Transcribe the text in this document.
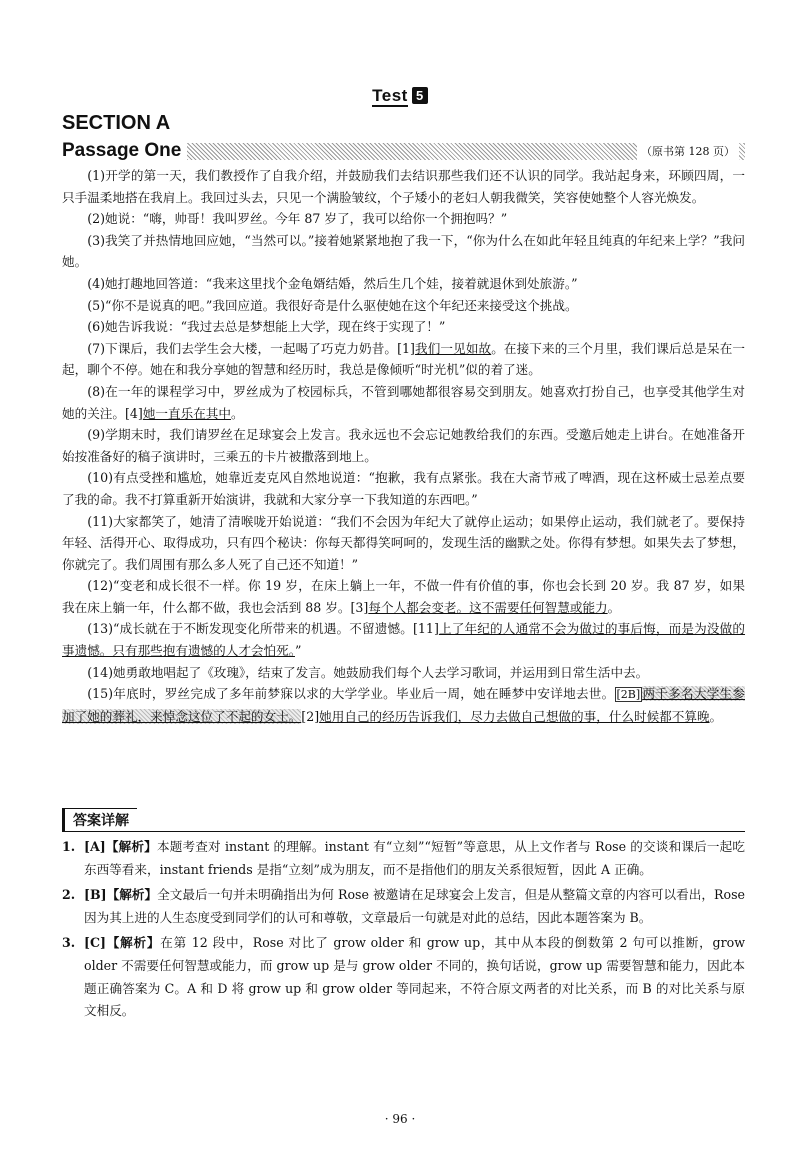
Test 5
SECTION A
Passage One	（原书第 128 页）

(1)开学的第一天，我们教授作了自我介绍，并鼓励我们去结识那些我们还不认识的同学。我站起身来，环顾四周，一只手温柔地搭在我肩上。我回过头去，只见一个满脸皱纹，个子矮小的老妇人朝我微笑，笑容使她整个人容光焕发。

(2)她说：“嗨，帅哥！我叫罗丝。今年 87 岁了，我可以给你一个拥抱吗？”

(3)我笑了并热情地回应她，“当然可以。”接着她紧紧地抱了我一下，“你为什么在如此年轻且纯真的年纪来上学？”我问她。

(4)她打趣地回答道：“我来这里找个金龟婿结婚，然后生几个娃，接着就退休到处旅游。”

(5)“你不是说真的吧。”我回应道。我很好奇是什么驱使她在这个年纪还来接受这个挑战。

(6)她告诉我说：“我过去总是梦想能上大学，现在终于实现了！”

(7)下课后，我们去学生会大楼，一起喝了巧克力奶昔。[1]我们一见如故。在接下来的三个月里，我们课后总是呆在一起，聊个不停。她在和我分享她的智慧和经历时，我总是像倾听“时光机”似的着了迷。

(8)在一年的课程学习中，罗丝成为了校园标兵，不管到哪她都很容易交到朋友。她喜欢打扮自己，也享受其他学生对她的关注。[4]她一直乐在其中。

(9)学期末时，我们请罗丝在足球宴会上发言。我永远也不会忘记她教给我们的东西。受邀后她走上讲台。在她准备开始按准备好的稿子演讲时，三乘五的卡片被撒落到地上。

(10)有点受挫和尴尬，她靠近麦克风自然地说道：“抱歉，我有点紧张。我在大斋节戒了啤酒，现在这杯威士忌差点要了我的命。我不打算重新开始演讲，我就和大家分享一下我知道的东西吧。”

(11)大家都笑了，她清了清喉咙开始说道：“我们不会因为年纪大了就停止运动；如果停止运动，我们就老了。要保持年轻、活得开心、取得成功，只有四个秘诀：你每天都得笑呵呵的，发现生活的幽默之处。你得有梦想。如果失去了梦想，你就完了。我们周围有那么多人死了自己还不知道！”

(12)“变老和成长很不一样。你 19 岁，在床上躺上一年，不做一件有价值的事，你也会长到 20 岁。我 87 岁，如果我在床上躺一年，什么都不做，我也会活到 88 岁。[3]每个人都会变老。这不需要任何智慧或能力。

(13)“成长就在于不断发现变化所带来的机遇。不留遗憾。[11]上了年纪的人通常不会为做过的事后悔，而是为没做的事遗憾。只有那些抱有遗憾的人才会怕死。”

(14)她勇敢地唱起了《玫瑰》，结束了发言。她鼓励我们每个人去学习歌词，并运用到日常生活中去。

(15)年底时，罗丝完成了多年前梦寐以求的大学学业。毕业后一周，她在睡梦中安详地去世。 [2B] 两千多名大学生参加了她的葬礼，来悼念这位了不起的女士。[2]她用自己的经历告诉我们，尽力去做自己想做的事，什么时候都不算晚。

答案详解
1. [A]【解析】本题考查对 instant 的理解。instant 有“立刻”“短暂”等意思，从上文作者与 Rose 的交谈和课后一起吃东西等看来，instant friends 是指“立刻”成为朋友，而不是指他们的朋友关系很短暂，因此 A 正确。
2. [B]【解析】全文最后一句并未明确指出为何 Rose 被邀请在足球宴会上发言，但是从整篇文章的内容可以看出，Rose 因为其上进的人生态度受到同学们的认可和尊敬，文章最后一句就是对此的总结，因此本题答案为 B。
3. [C]【解析】在第 12 段中，Rose 对比了 grow older 和 grow up，其中从本段的倒数第 2 句可以推断，grow older 不需要任何智慧或能力，而 grow up 是与 grow older 不同的，换句话说，grow up 需要智慧和能力，因此本题正确答案为 C。A 和 D 将 grow up 和 grow older 等同起来，不符合原文两者的对比关系，而 B 的对比关系与原文相反。
· 96 ·
